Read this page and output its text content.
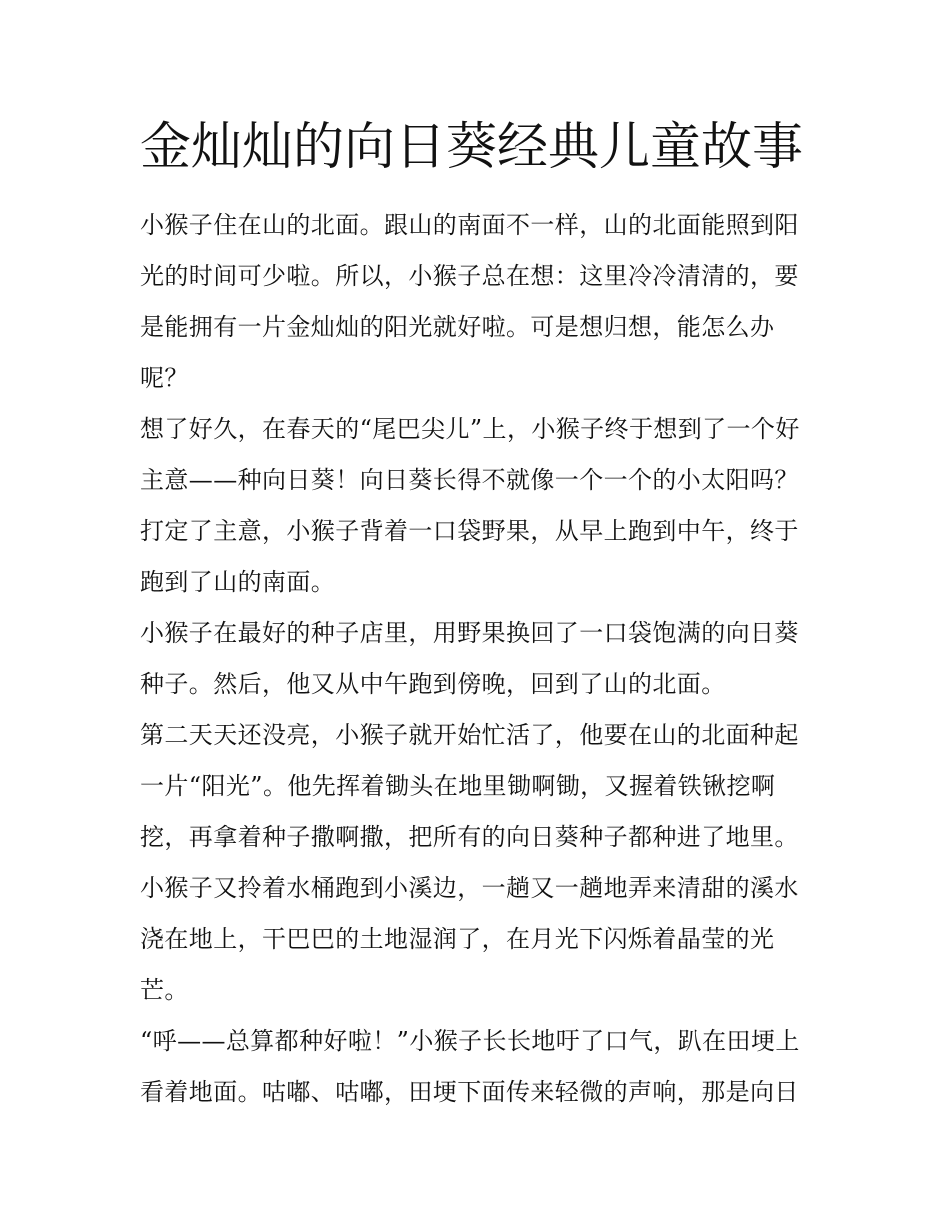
金灿灿的向日葵经典儿童故事

小猴子住在山的北面。跟山的南面不一样，山的北面能照到阳光的时间可少啦。所以，小猴子总在想：这里冷冷清清的，要是能拥有一片金灿灿的阳光就好啦。可是想归想，能怎么办呢？

想了好久，在春天的“尾巴尖儿”上，小猴子终于想到了一个好主意——种向日葵！向日葵长得不就像一个一个的小太阳吗？打定了主意，小猴子背着一口袋野果，从早上跑到中午，终于跑到了山的南面。

小猴子在最好的种子店里，用野果换回了一口袋饱满的向日葵种子。然后，他又从中午跑到傍晚，回到了山的北面。

第二天天还没亮，小猴子就开始忙活了，他要在山的北面种起一片“阳光”。他先挥着锄头在地里锄啊锄，又握着铁锹挖啊挖，再拿着种子撒啊撒，把所有的向日葵种子都种进了地里。小猴子又拎着水桶跑到小溪边，一趟又一趟地弄来清甜的溪水浇在地上，干巴巴的土地湿润了，在月光下闪烁着晶莹的光芒。

“呼——总算都种好啦！”小猴子长长地吁了口气，趴在田埂上看着地面。咕嘟、咕嘟，田埂下面传来轻微的声响，那是向日
